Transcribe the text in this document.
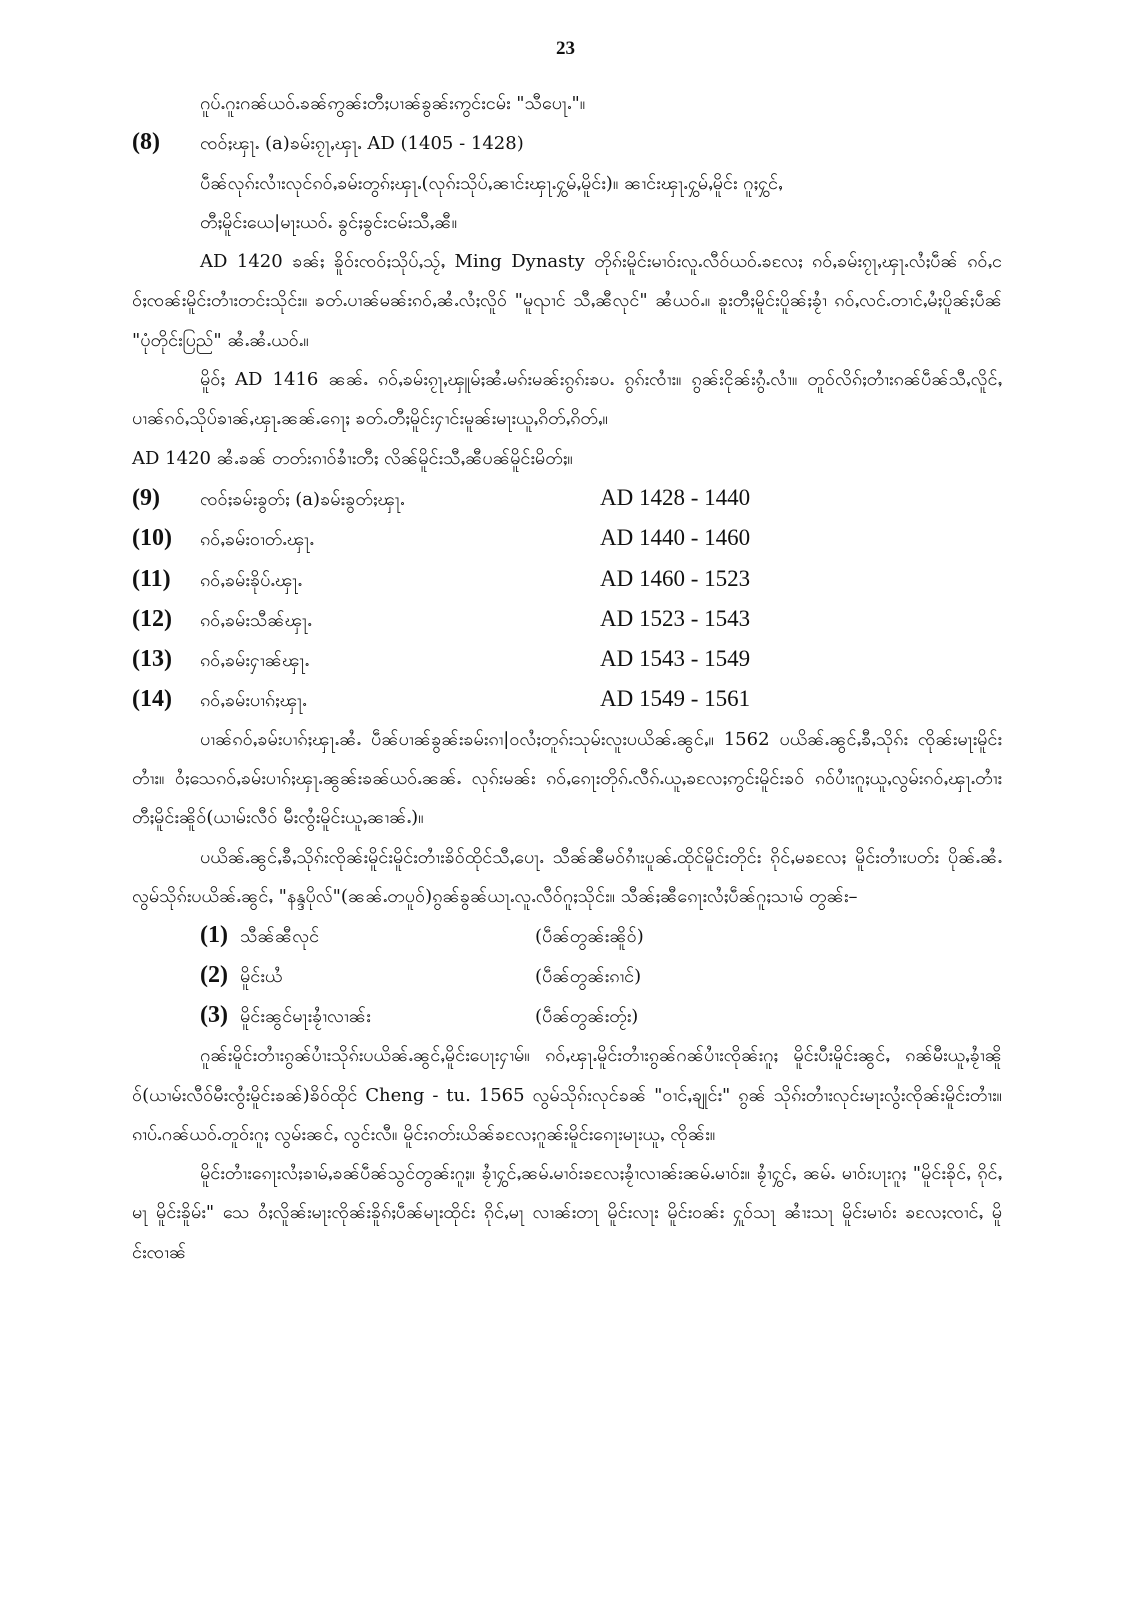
23
ဂူပ်ႉဂူးဂၼ်ယဝ်ႉၶၼ်ဢွၼ်းတီႈပၢၼ်ၶွၼ်းဢွင်းငမ်း "သီပေႃႉ"။
(8)	ၸဝ်ႈၾႃႉ (a)ၶမ်းၵႂႃႇၾႃႉ AD (1405 - 1428)
ပဵၼ်လုၵ်းလၢႆးလုင်ၵဝ်ႇၶမ်းတွၵ်ႈၾႃႉ(လုၵ်းသိုပ်ႇၼၢင်းၾႃႉႁွမ်ႇမိူင်း)။ ၼၢင်းၾႃႉႁွမ်ႇမိူင်း ဂူႈႁွင်ႇ
တီႈမိူင်းယေ|မႃးယဝ်ႉ ၶွင်ႈၶွင်းငမ်းသီႇၼီ။
AD 1420 ၶၼ်ႈ ၶိူဝ်းၸဝ်ႈသိုပ်ႇသႂ်ႇ Ming Dynasty တိုၵ်းမိူင်းမၢဝ်းလူႉလီဝ်ယဝ်ႉၶလႄႈ ၵဝ်ႇၶမ်းၵႂႃႇၾႃႉလႆႈပဵၼ် ၵဝ်ႇငဝ်ႈၸၼ်းမိူင်းတၢႆးတင်းသိုင်း။ ၶတ်ႉပၢၼ်မၼ်းၵဝ်ႇၼႆႉလႆႈလိူဝ် "မူၺၢင် သီႇၼီလုင်" ၼႆယဝ်ႉ။ ၶူးတီႈမိူင်းပိူၼ်ႈၶႂၢႆ ၵဝ်ႇလင်ႉတၢင်ႇမႆႈပိူၼ်ႈပဵၼ် "ပုံတိုင်းပြည်" ၼႆႉၼႆႉယဝ်ႉ။
မိူဝ်ႈ AD 1416 ၼၼ်ႉ ၵဝ်ႇၶမ်းၵႂႃႇၾူမ်ႈၼႆႉမၵ်းမၼ်းၵွၵ်းၶပႉ ၵွၵ်းၸၢႆး။ ၵွၼ်းငိုၼ်းၵွႆႉလၢႆ။ တူဝ်လိၵ်ႈတၢႆးၵၼ်ပဵၼ်သီႇလိူင်ႇပၢၼ်ၵဝ်ႇသိုပ်ၶၢၼ်ႇၾႃႉၼၼ်ႉၵေႃႈ ၶတ်ႉတီႈမိူင်းႁၢင်းမူၼ်းမႃးယူႇၵိတ်ႇၵိတ်ႇ။
AD 1420 ၼႆႉၶၼ် တတ်းၵၢဝ်ၶၢႆးတီႈ လိၼ်မိူင်းသီႇၼီပၼ်မိူင်းမိတ်ႈ။
(9)	ၸဝ်ႈၶမ်းၶွတ်ႈ (a)ၶမ်းၶွတ်ႈၾႃႉ	AD 1428 - 1440
(10)	ၵဝ်ႇၶမ်းဝၢတ်ႉၾႃႉ	AD 1440 - 1460
(11)	ၵဝ်ႇၶမ်းၶိုပ်ႉၾႃႉ	AD 1460 - 1523
(12)	ၵဝ်ႇၶမ်းသီၼ်ၾႃႉ	AD 1523 - 1543
(13)	ၵဝ်ႇၶမ်းႁၢၼ်ၾႃႉ	AD 1543 - 1549
(14)	ၵဝ်ႇၶမ်းပၢၵ်ႈၾႃႉ	AD 1549 - 1561
ပၢၼ်ၵဝ်ႇၶမ်းပၢၵ်ႈၾႃႉၼႆႉ ပဵၼ်ပၢၼ်ၶွၼ်းၶမ်းၵၢ|ဝလႆႈတူၵ်းသုမ်းလူးပယိၼ်ႉၼွင်ႇ။ 1562 ပယိၼ်ႉၼွင်ႇၶီႇသိုၵ်း ၸိုၼ်းမႃးမိူင်းတၢႆး။ ဝႆႈသေၵဝ်ႇၶမ်းပၢၵ်ႈၾႃႉၼွၼ်းၶၼ်ယဝ်ႉၼၼ်ႉ လုၵ်းမၼ်း ၵဝ်ႇၵေႃးတိုၵ်ႉလီၵ်ႉယူႇၶလႄႈဢွင်းမိူင်းၶဝ် ၵဝ်ပၢႆးဂူႈယူႇလွမ်းၵဝ်ႇၾႃႉတၢႆး တီႈမိူင်းၼိူဝ်(ယၢမ်းလီဝ် မီးၸွႆးမိူင်းယူႇၼၢၼ်ႉ)။
ပယိၼ်ႉၼွင်ႇၶီႇသိုၵ်းၸိုၼ်းမိူင်းမိူင်းတၢႆးၶိဝ်ထိုင်သီႇပေႃႉ သီၼ်ၼီမဝ်ၵၢႆးပူၼ်ႉထိုင်မိူင်းတိုင်း ၵိုင်ႇမၶလႄႈ မိူင်းတၢႆးပတ်း ပိုၼ်ႉၼႆႉလွမ်သိုၵ်းပယိၼ်ႉၼွင်ႇ "နန္ဒပိုလ်"(ၼၼ်ႉတပူဝ်)ၵွၼ်ၶွၼ်ယႃႉလူႉလီဝ်ဂူႈသိုင်း။ သီၼ်ႈၼီၵေႃးလႆႈပဵၼ်ဂူႈသၢမ် တွၼ်း–
(1) သီၼ်ၼီလုင်	(ပဵၼ်တွၼ်းၼိူဝ်)
(2) မိူင်းယႆ	(ပဵၼ်တွၼ်းၵၢင်)
(3) မိူင်းၼွင်မႃးၶႂၢႆလၢၼ်း	(ပဵၼ်တွၼ်းတႂ်း)
ဂူၼ်းမိူင်းတၢႆးၵွၼ်ပၢႆးသိုၵ်းပယိၼ်ႉၼွင်ႇမိူင်းပေႃးႁၢမ်။ ၵဝ်ႇၾႃႉမိူင်းတၢႆးၵွၼ်ဂၼ်ပၢႆးၸိုၼ်းဂူႈ မိူင်းပီးမိူင်းၼွင်ႇ ၵၼ်မီးယူႇၶႂၢႆၼိူဝ်(ယၢမ်းလီဝ်မီးၸွႆးမိူင်းၶၼ်)ၶိဝ်ထိုင် Cheng - tu. 1565 လွမ်သိုၵ်းလုင်ၶၼ် "ဝၢင်ႇၶျုင်း" ၵွၼ် သိုၵ်းတၢႆးလုင်းမႃးလွႆးၸိုၼ်းမိူင်းတၢႆး။ ၵၢပ်ႉဂၼ်ယဝ်ႉတူဝ်းဂူႈ လွမ်းၼင်ႇ လွင်းလီ။ မိူင်းၵတ်းယိၼ်ၶလႄႈဂူၼ်းမိူင်းၵေႃးမႃးယူႇ ၸိုၼ်း။
မိူင်းတၢႆးၵေႃးလႆႈၶၢမ်ႇၶၼ်ပဵၼ်သွင်တွၼ်းဂူႈ။ ၶႂၢႆႁွင်ႇၼမ်ႉမၢဝ်းၶလႄႈၶႂၢႆလၢၼ်းၼမ်ႉမၢဝ်း။ ၶႂၢႆႁွင်ႇ ၼမ်ႉ မၢဝ်းပႃးဂူႈ "မိူင်းၶိုင်ႇ ၵိုင်ႇမႃ မိူင်းၶိူမ်း" သေ ဝႆႈလိူၼ်းမႃးၸိုၼ်းၶိူၵ်ႈပဵၼ်မႃးထိုင်း ၵိုင်ႇမႃ လၢၼ်းတႃ မိူင်းလႃး မိူင်းဝၼ်း ႁူဝ်သႃ ၼၢႆးသႃ မိူင်းမၢဝ်း ၶလႄႈၸၢင်ႇ မိူင်းၸၢၼ်
